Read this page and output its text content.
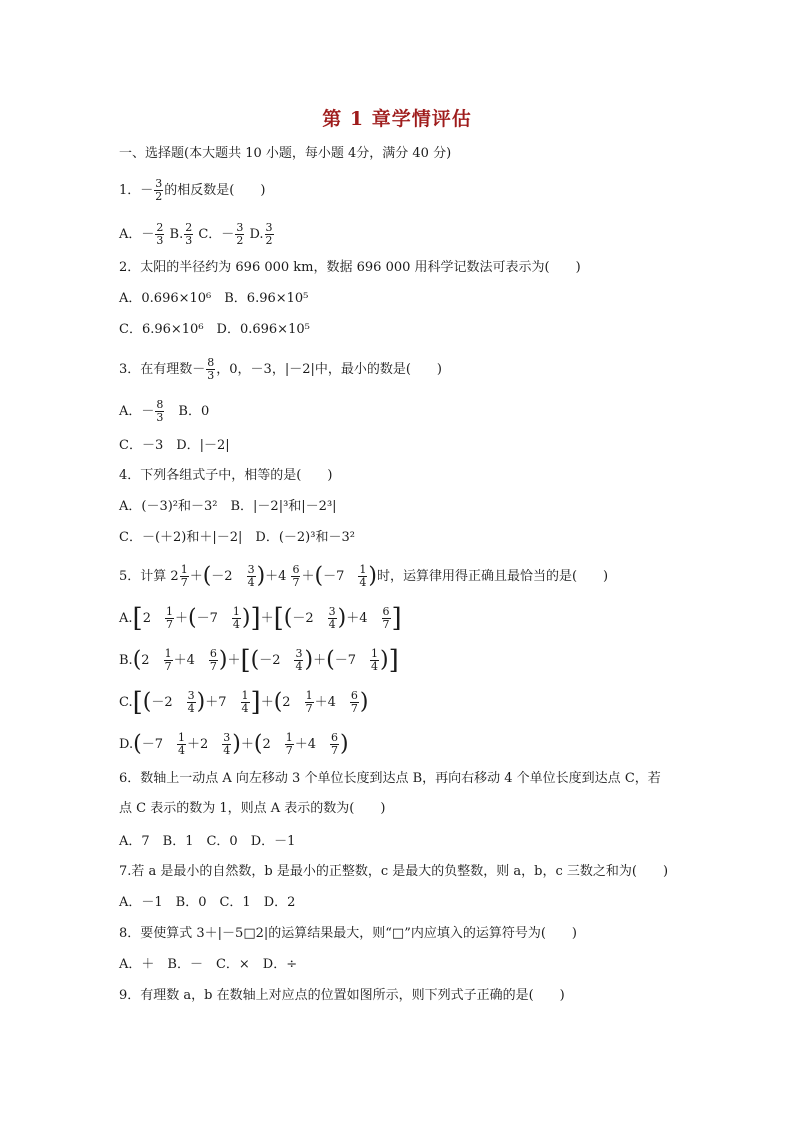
第 1 章学情评估
一、选择题(本大题共 10 小题，每小题 4分，满分 40 分)
1．－ $\frac{3}{2}$ 的相反数是(　　)
A．－ $\frac{2}{3} B$. $\frac{2}{3}$ C．－ $\frac{3}{2} D$. $\frac{3}{2}$
2．太阳的半径约为 696 000 km，数据 696 000 用科学记数法可表示为(　　)
A．0.696×10⁶　B．6.96×10⁵
C．6.96×10⁶　D．0.696×10⁵
3．在有理数－ $\frac{8}{3}$ ，0，－3，|－2|中，最小的数是(　　)
A．－ $\frac{8}{3}$ 　B．0
C．－3　D．|－2|
4．下列各组式子中，相等的是(　　)
A．(－3)²和－3²　B．|－2|³和|－2³|
C．－(＋2)和＋|－2|　D．(－2)³和－3²
5．计算 $2 \frac{1}{7} +(-2$　 $\frac{3}{4} )+4 \frac{6}{7} +(-7$　 $\frac{1}{4}$ )时，运算律用得正确且最恰当的是(　　)
A.[2　 $\frac{1}{7} +(-7$　 $\frac{1}{4} )]+[(-2$　 $\frac{3}{4} )+4$　 $\frac{6}{7}$ ]
B.(2　 $\frac{1}{7} +4$　 $\frac{6}{7} )+[(-2$　 $\frac{3}{4} )+(-7$　 $\frac{1}{4}$ )]
C.[(－2　 $\frac{3}{4} )+7$　 $\frac{1}{4} ]+(2$　 $\frac{1}{7} +4$　 $\frac{6}{7}$ )
D.(－7　 $\frac{1}{4} +2$　 $\frac{3}{4} )+(2$　 $\frac{1}{7} +4$　 $\frac{6}{7}$ )
6．数轴上一动点 A 向左移动 3 个单位长度到达点 B，再向右移动 4 个单位长度到达点 C，若
点 C 表示的数为 1，则点 A 表示的数为(　　)
A．7　B．1　C．0　D．－1
7.若 a 是最小的自然数，b 是最小的正整数，c 是最大的负整数，则 a，b，c 三数之和为(　　)
A．－1　B．0　C．1　D．2
8．要使算式 3＋|－5□2|的运算结果最大，则“□”内应填入的运算符号为(　　)
A．＋　B．－　C．×　D．÷
9．有理数 a，b 在数轴上对应点的位置如图所示，则下列式子正确的是(　　)
